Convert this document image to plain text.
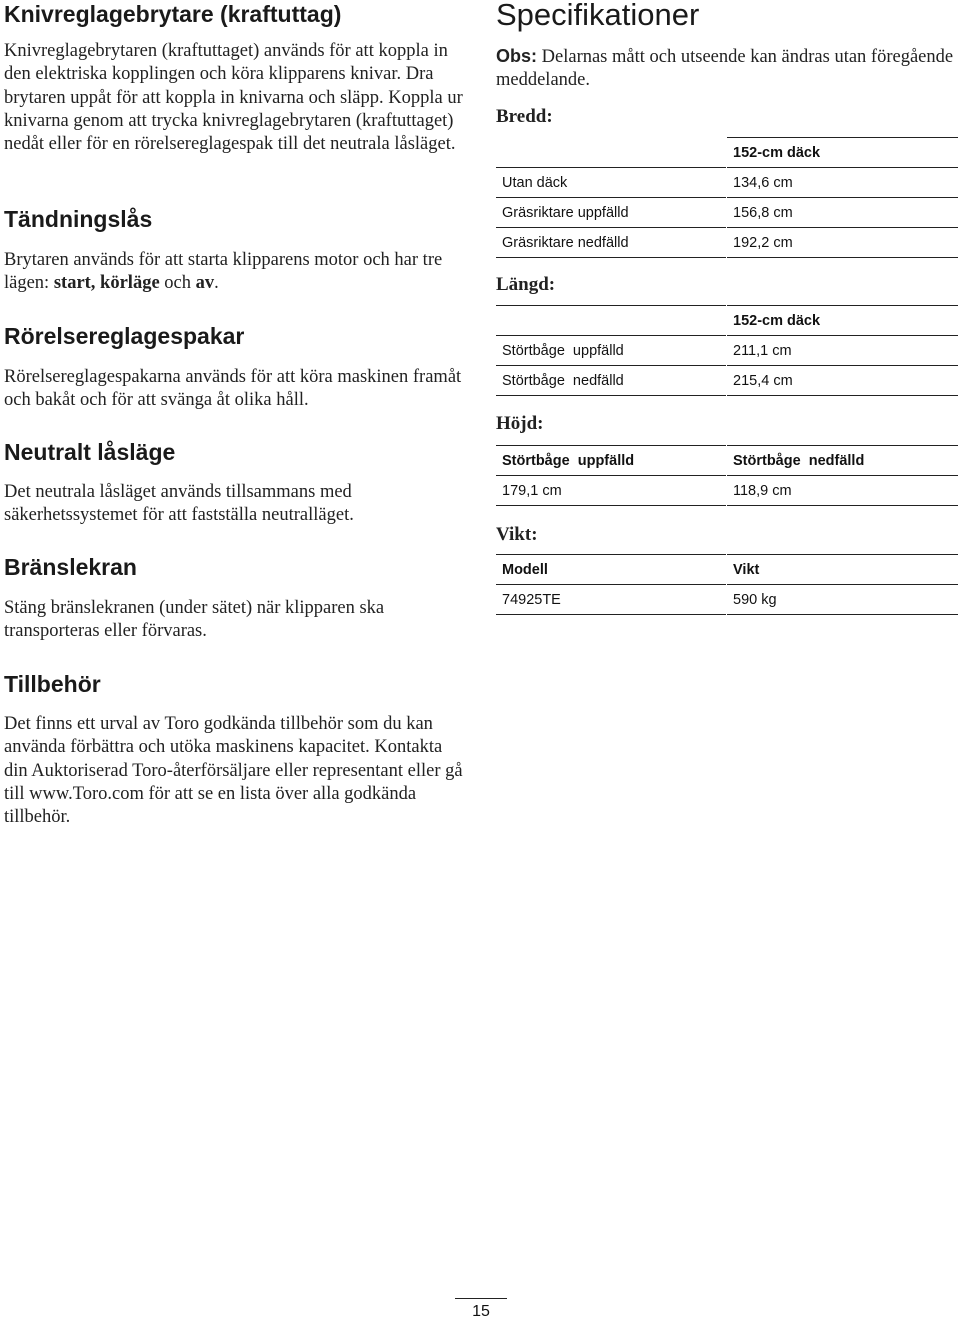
Knivreglagebrytare (kraftuttag)

Knivreglagebrytaren (kraftuttaget) används för att koppla in den elektriska kopplingen och köra klipparens knivar. Dra brytaren uppåt för att koppla in knivarna och släpp. Koppla ur knivarna genom att trycka knivreglagebrytaren (kraftuttaget) nedåt eller för en rörelsereglagespak till det neutrala låsläget.

Tändningslås

Brytaren används för att starta klipparens motor och har tre lägen: start, körläge och av.

Rörelsereglagespakar

Rörelsereglagespakarna används för att köra maskinen framåt och bakåt och för att svänga åt olika håll.

Neutralt låsläge

Det neutrala låsläget används tillsammans med säkerhetssystemet för att fastställa neutralläget.

Bränslekran

Stäng bränslekranen (under sätet) när klipparen ska transporteras eller förvaras.

Tillbehör

Det finns ett urval av Toro godkända tillbehör som du kan använda förbättra och utöka maskinens kapacitet. Kontakta din Auktoriserad Toro-återförsäljare eller representant eller gå till www.Toro.com för att se en lista över alla godkända tillbehör.

Specifikationer

Obs: Delarnas mått och utseende kan ändras utan föregående meddelande.

Bredd:
		152-cm däck
Utan däck		134,6 cm
Gräsriktare uppfälld		156,8 cm
Gräsriktare nedfälld		192,2 cm
Längd:
		152-cm däck
Störtbåge  uppfälld		211,1 cm
Störtbåge  nedfälld		215,4 cm
Höjd:
Störtbåge  uppfälld		Störtbåge  nedfälld
179,1 cm		118,9 cm
Vikt:
Modell		Vikt
74925TE		590 kg
15
